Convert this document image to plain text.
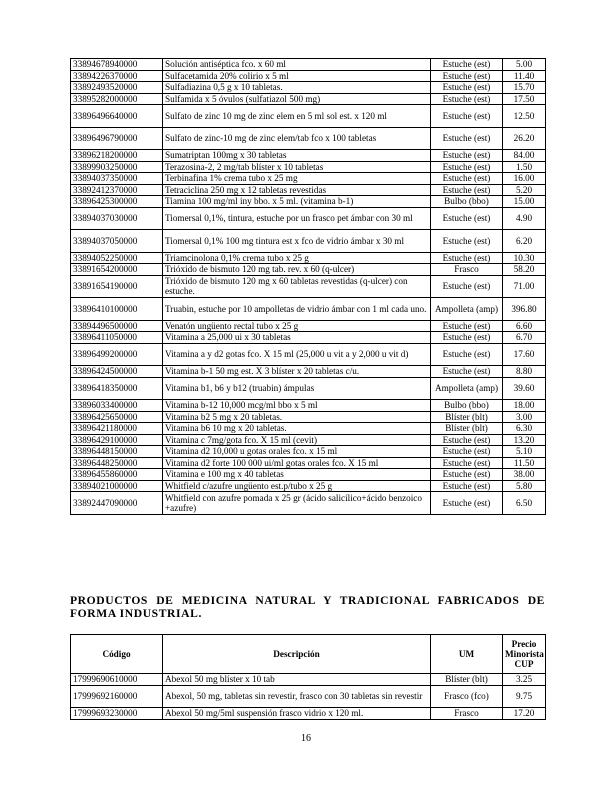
33894678940000	Solución antiséptica fco. x 60 ml	Estuche (est)	5.00
33894226370000	Sulfacetamida 20% colirio x 5 ml	Estuche (est)	11.40
33892493520000	Sulfadiazina 0,5 g x 10 tabletas.	Estuche (est)	15.70
33895282000000	Sulfamida x 5 óvulos (sulfatiazol 500 mg)	Estuche (est)	17.50
33896496640000	Sulfato de zinc 10 mg de zinc elem en 5 ml sol est. x 120 ml	Estuche (est)	12.50
33896496790000	Sulfato de zinc-10 mg de zinc elem/tab fco x 100 tabletas	Estuche (est)	26.20
33896218200000	Sumatriptan 100mg x 30 tabletas	Estuche (est)	84.00
33899903250000	Terazosina-2, 2 mg/tab blíster x 10 tabletas	Estuche (est)	1.50
33894037350000	Terbinafina 1% crema tubo x 25 mg	Estuche (est)	16.00
33892412370000	Tetraciclina 250 mg x 12 tabletas revestidas	Estuche (est)	5.20
33896425300000	Tiamina 100 mg/ml iny bbo. x 5 ml. (vitamina b-1)	Bulbo (bbo)	15.00
33894037030000	Tiomersal 0,1%, tintura, estuche por un frasco pet ámbar con 30 ml	Estuche (est)	4.90
33894037050000	Tiomersal 0,1% 100 mg tintura est x fco de vidrio ámbar x 30 ml	Estuche (est)	6.20
33894052250000	Triamcinolona 0,1% crema tubo x 25 g	Estuche (est)	10.30
33891654200000	Trióxido de bismuto 120 mg tab. rev. x 60 (q-ulcer)	Frasco	58.20
33891654190000	Trióxido de bismuto 120 mg x 60 tabletas revestidas (q-ulcer) con estuche.	Estuche (est)	71.00
33896410100000	Truabin, estuche por 10 ampolletas de vidrio ámbar con 1 ml cada uno.	Ampolleta (amp)	396.80
33894496500000	Venatón ungüento rectal tubo x 25 g	Estuche (est)	6.60
33896411050000	Vitamina a 25,000 ui x 30 tabletas	Estuche (est)	6.70
33896499200000	Vitamina a y d2 gotas fco. X 15 ml (25,000 u vit a y 2,000 u vit d)	Estuche (est)	17.60
33896424500000	Vitamina b-1 50 mg est. X 3 blíster x 20 tabletas c/u.	Estuche (est)	8.80
33896418350000	Vitamina b1, b6 y b12 (truabin) ámpulas	Ampolleta (amp)	39.60
33896033400000	Vitamina b-12 10,000 mcg/ml bbo x 5 ml	Bulbo (bbo)	18.00
33896425650000	Vitamina b2 5 mg x 20 tabletas.	Blíster (blt)	3.00
33896421180000	Vitamina b6 10 mg x 20 tabletas.	Blíster (blt)	6.30
33896429100000	Vitamina c 7mg/gota fco. X 15 ml (cevit)	Estuche (est)	13.20
33896448150000	Vitamina d2 10,000 u gotas orales fco. x 15 ml	Estuche (est)	5.10
33896448250000	Vitamina d2 forte 100 000 ui/ml gotas orales fco. X 15 ml	Estuche (est)	11.50
33896455860000	Vitamina e 100 mg x 40 tabletas	Estuche (est)	38.00
33894021000000	Whitfield c/azufre ungüento est.p/tubo x 25 g	Estuche (est)	5.80
33892447090000	Whitfield con azufre pomada x 25 gr (ácido salicílico+ácido benzoico +azufre)	Estuche (est)	6.50
PRODUCTOS DE MEDICINA NATURAL Y TRADICIONAL FABRICADOS DE FORMA INDUSTRIAL.
Código	Descripción	UM	Precio Minorista CUP
17999690610000	Abexol 50 mg blíster x 10 tab	Blíster (blt)	3.25
17999692160000	Abexol, 50 mg, tabletas sin revestir, frasco con 30 tabletas sin revestir	Frasco (fco)	9.75
17999693230000	Abexol 50 mg/5ml suspensión frasco vidrio x 120 ml.	Frasco	17.20
16
